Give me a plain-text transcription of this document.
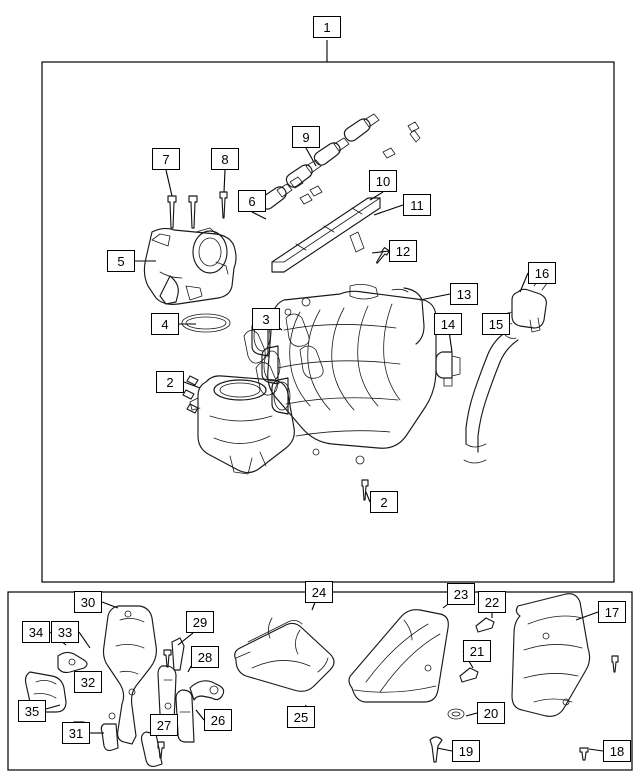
1
7	8
9
10
11
6
12
5
16
13
4	3	14	15
2
2
30
24	23
22
17
29
34	33
21
28
32
35	20
26	25
27
31
19	18
